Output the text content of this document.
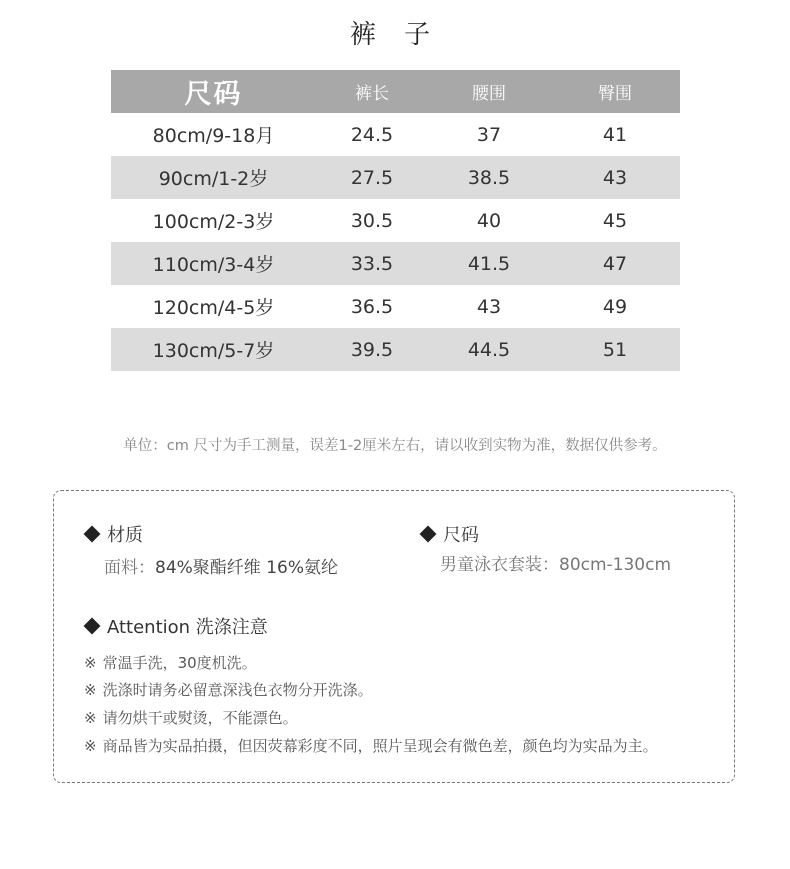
裤 子
尺码	裤长	腰围	臀围
80cm/9-18月	24.5	37	41
90cm/1-2岁	27.5	38.5	43
100cm/2-3岁	30.5	40	45
110cm/3-4岁	33.5	41.5	47
120cm/4-5岁	36.5	43	49
130cm/5-7岁	39.5	44.5	51
单位：cm 尺寸为手工测量，误差1-2厘米左右，请以收到实物为准，数据仅供参考。
材质
面料：84%聚酯纤维 16%氨纶
尺码
男童泳衣套装：80cm-130cm
Attention 洗涤注意
※ 常温手洗，30度机洗。
※ 洗涤时请务必留意深浅色衣物分开洗涤。
※ 请勿烘干或熨烫，不能漂色。
※ 商品皆为实品拍摄，但因荧幕彩度不同，照片呈现会有微色差，颜色均为实品为主。
